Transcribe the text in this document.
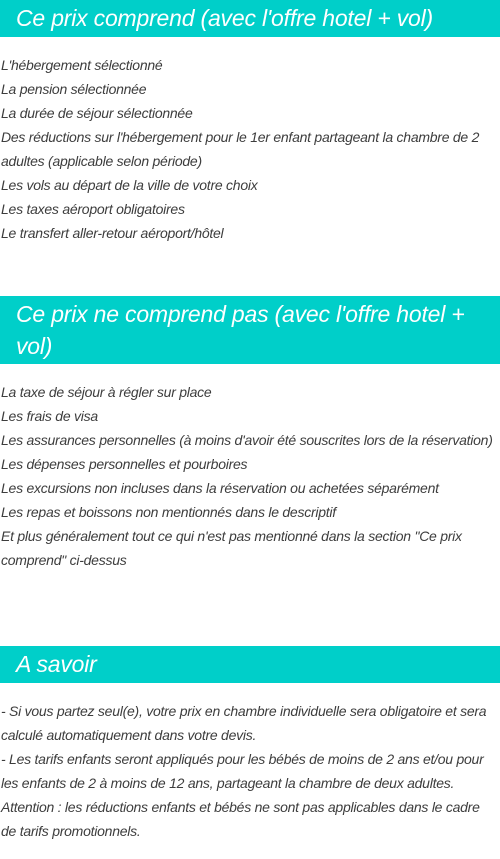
Ce prix comprend (avec l'offre hotel + vol)
L'hébergement sélectionné
La pension sélectionnée
La durée de séjour sélectionnée
Des réductions sur l'hébergement pour le 1er enfant partageant la chambre de 2 adultes (applicable selon période)
Les vols au départ de la ville de votre choix
Les taxes aéroport obligatoires
Le transfert aller-retour aéroport/hôtel
Ce prix ne comprend pas (avec l'offre hotel + vol)
La taxe de séjour à régler sur place
Les frais de visa
Les assurances personnelles (à moins d'avoir été souscrites lors de la réservation)
Les dépenses personnelles et pourboires
Les excursions non incluses dans la réservation ou achetées séparément
Les repas et boissons non mentionnés dans le descriptif
Et plus généralement tout ce qui n'est pas mentionné dans la section "Ce prix comprend" ci-dessus
A savoir
- Si vous partez seul(e), votre prix en chambre individuelle sera obligatoire et sera calculé automatiquement dans votre devis.
- Les tarifs enfants seront appliqués pour les bébés de moins de 2 ans et/ou pour les enfants de 2 à moins de 12 ans, partageant la chambre de deux adultes.
Attention : les réductions enfants et bébés ne sont pas applicables dans le cadre de tarifs promotionnels.
